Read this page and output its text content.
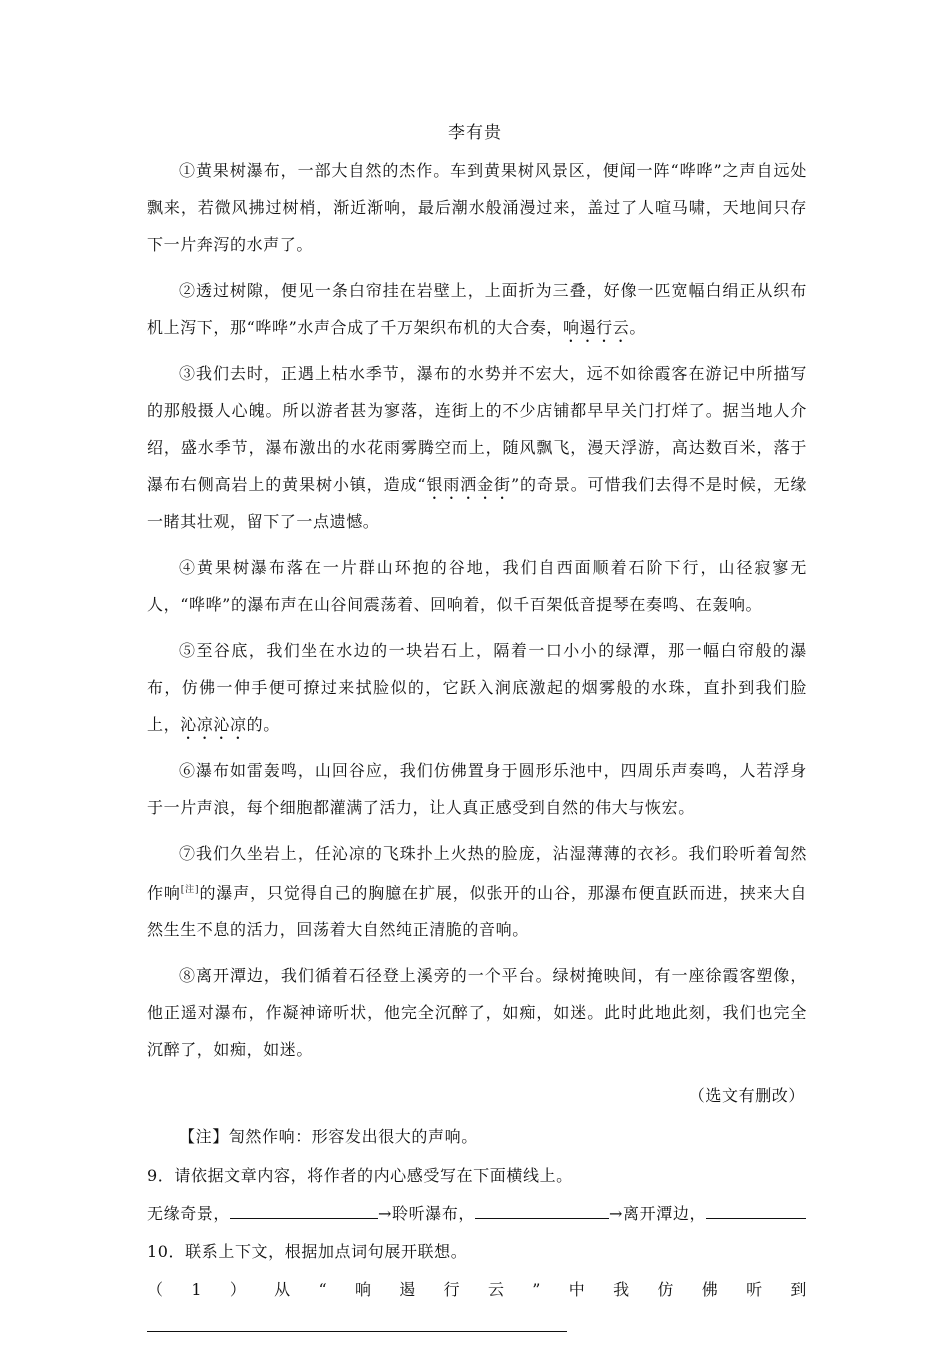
李有贵

①黄果树瀑布，一部大自然的杰作。车到黄果树风景区，便闻一阵“哗哗”之声自远处飘来，若微风拂过树梢，渐近渐响，最后潮水般涌漫过来，盖过了人喧马啸，天地间只存下一片奔泻的水声了。

②透过树隙，便见一条白帘挂在岩壁上，上面折为三叠，好像一匹宽幅白绢正从织布机上泻下，那“哗哗”水声合成了千万架织布机的大合奏，响遏行云。

③我们去时，正遇上枯水季节，瀑布的水势并不宏大，远不如徐霞客在游记中所描写的那般摄人心魄。所以游者甚为寥落，连街上的不少店铺都早早关门打烊了。据当地人介绍，盛水季节，瀑布激出的水花雨雾腾空而上，随风飘飞，漫天浮游，高达数百米，落于瀑布右侧高岩上的黄果树小镇，造成“银雨洒金街”的奇景。可惜我们去得不是时候，无缘一睹其壮观，留下了一点遗憾。

④黄果树瀑布落在一片群山环抱的谷地，我们自西面顺着石阶下行，山径寂寥无人，“哗哗”的瀑布声在山谷间震荡着、回响着，似千百架低音提琴在奏鸣、在轰响。

⑤至谷底，我们坐在水边的一块岩石上，隔着一口小小的绿潭，那一幅白帘般的瀑布，仿佛一伸手便可撩过来拭脸似的，它跃入涧底激起的烟雾般的水珠，直扑到我们脸上，沁凉沁凉的。

⑥瀑布如雷轰鸣，山回谷应，我们仿佛置身于圆形乐池中，四周乐声奏鸣，人若浮身于一片声浪，每个细胞都灌满了活力，让人真正感受到自然的伟大与恢宏。

⑦我们久坐岩上，任沁凉的飞珠扑上火热的脸庞，沾湿薄薄的衣衫。我们聆听着訇然作响[注]的瀑声，只觉得自己的胸臆在扩展，似张开的山谷，那瀑布便直跃而进，挟来大自然生生不息的活力，回荡着大自然纯正清脆的音响。

⑧离开潭边，我们循着石径登上溪旁的一个平台。绿树掩映间，有一座徐霞客塑像，他正遥对瀑布，作凝神谛听状，他完全沉醉了，如痴，如迷。此时此地此刻，我们也完全沉醉了，如痴，如迷。

（选文有删改）

【注】訇然作响：形容发出很大的声响。

9．请依据文章内容，将作者的内心感受写在下面横线上。

无缘奇景，	→聆听瀑布，	→离开潭边，

10．联系上下文，根据加点词句展开联想。

（1）从“响遏行云”中我仿佛听到
